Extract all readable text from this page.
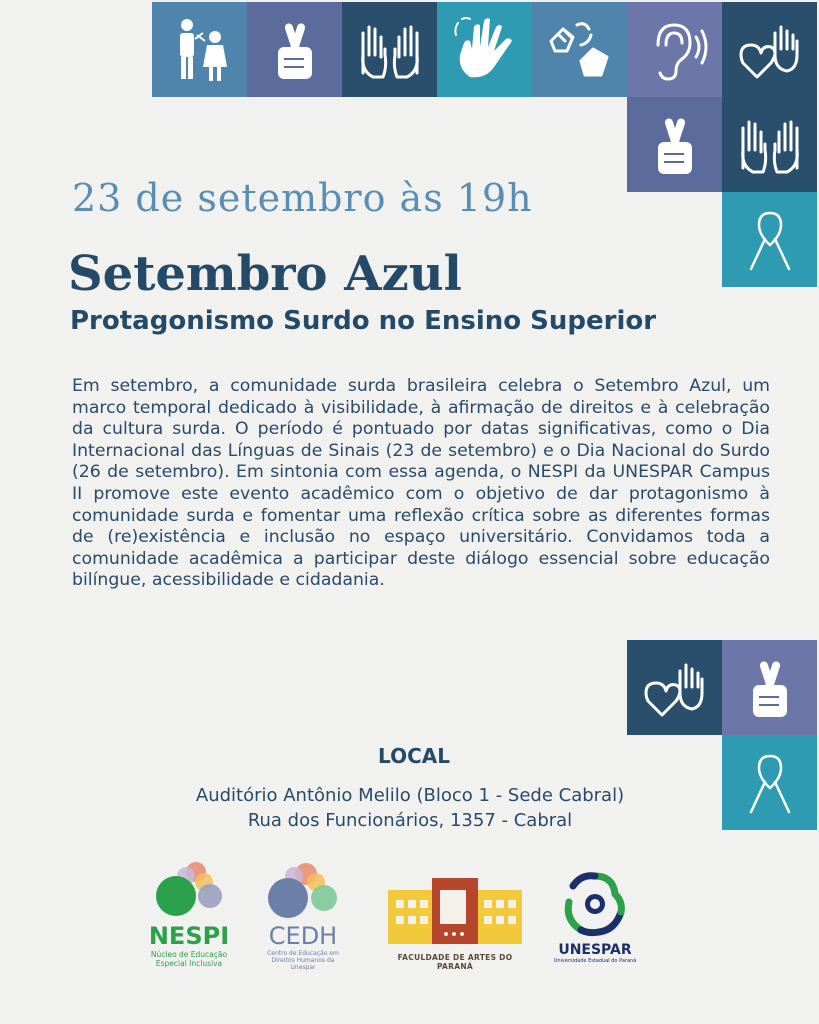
23 de setembro às 19h
Setembro Azul
Protagonismo Surdo no Ensino Superior

Em setembro, a comunidade surda brasileira celebra o Setembro Azul, um marco temporal dedicado à visibilidade, à afirmação de direitos e à celebração da cultura surda. O período é pontuado por datas significativas, como o Dia Internacional das Línguas de Sinais (23 de setembro) e o Dia Nacional do Surdo (26 de setembro). Em sintonia com essa agenda, o NESPI da UNESPAR Campus II promove este evento acadêmico com o objetivo de dar protagonismo à comunidade surda e fomentar uma reflexão crítica sobre as diferentes formas de (re)existência e inclusão no espaço universitário. Convidamos toda a comunidade acadêmica a participar deste diálogo essencial sobre educação bilíngue, acessibilidade e cidadania.

LOCAL

Auditório Antônio Melilo (Bloco 1 - Sede Cabral)

Rua dos Funcionários, 1357 - Cabral

NESPI
Núcleo de Educação
Especial Inclusiva
CEDH
Centro de Educação em
Direitos Humanos da Unespar
FACULDADE DE ARTES DO PARANÁ
UNESPAR
Universidade Estadual do Paraná
